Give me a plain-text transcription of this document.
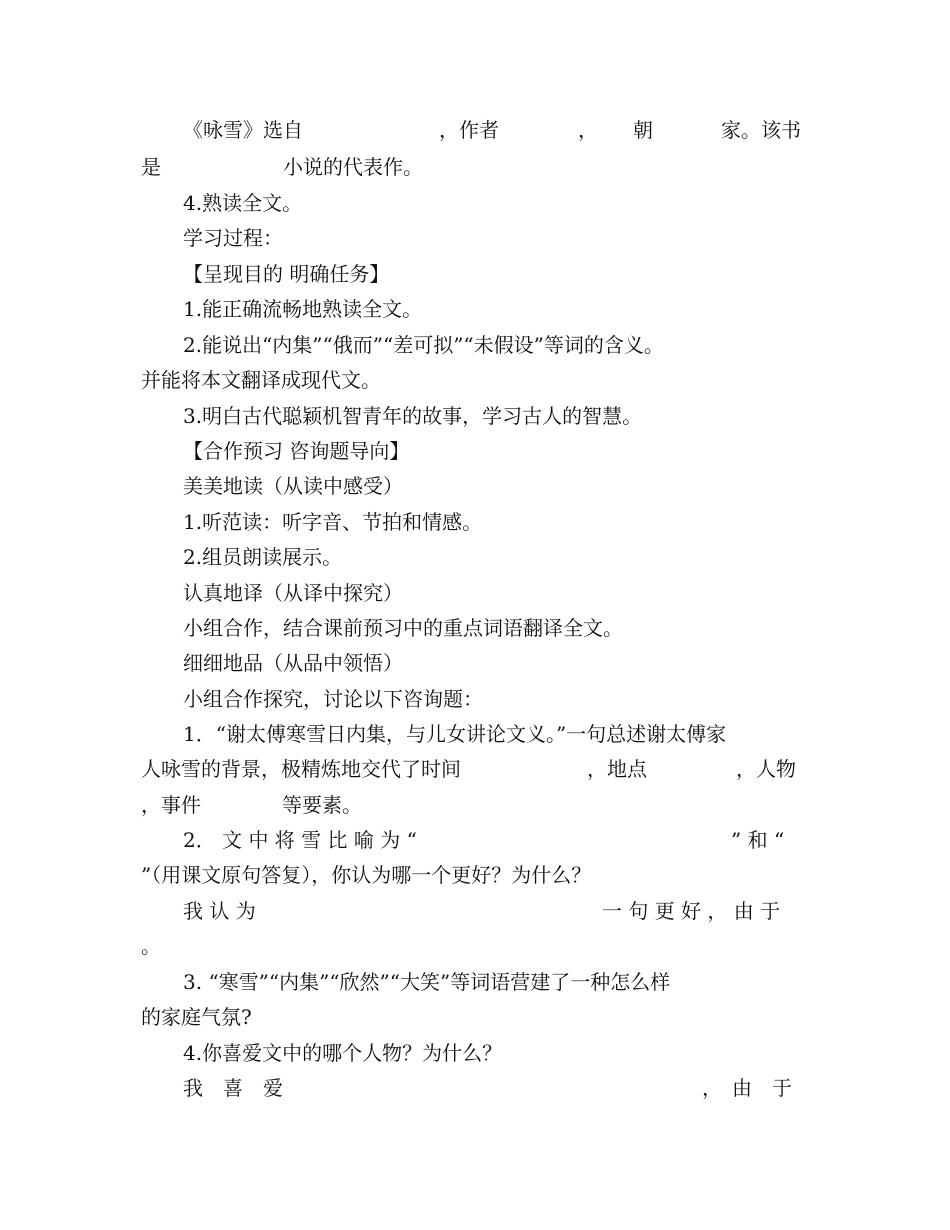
《咏雪》选自	，作者	， 朝	家。该书
是	小说的代表作。
4.熟读全文。
学习过程：
【呈现目的 明确任务】
1.能正确流畅地熟读全文。
2.能说出“内集”“俄而”“差可拟”“未假设”等词的含义。
并能将本文翻译成现代文。
3.明白古代聪颖机智青年的故事，学习古人的智慧。
【合作预习 咨询题导向】
美美地读（从读中感受）
1.听范读：听字音、节拍和情感。
2.组员朗读展示。
认真地译（从译中探究）
小组合作，结合课前预习中的重点词语翻译全文。
细细地品（从品中领悟）
小组合作探究，讨论以下咨询题：
1．“谢太傅寒雪日内集，与儿女讲论文义。”一句总述谢太傅家
人咏雪的背景，极精炼地交代了时间	，地点	，人物
，事件	等要素。
2． 文 中 将 雪 比 喻 为 “	” 和 “
”（用课文原句答复），你认为哪一个更好？为什么？
我 认 为	一 句 更 好 ， 由 于
。
3. “寒雪”“内集”“欣然”“大笑”等词语营建了一种怎么样
的家庭气氛?
4.你喜爱文中的哪个人物？为什么？
我　喜　爱	，　由　于
